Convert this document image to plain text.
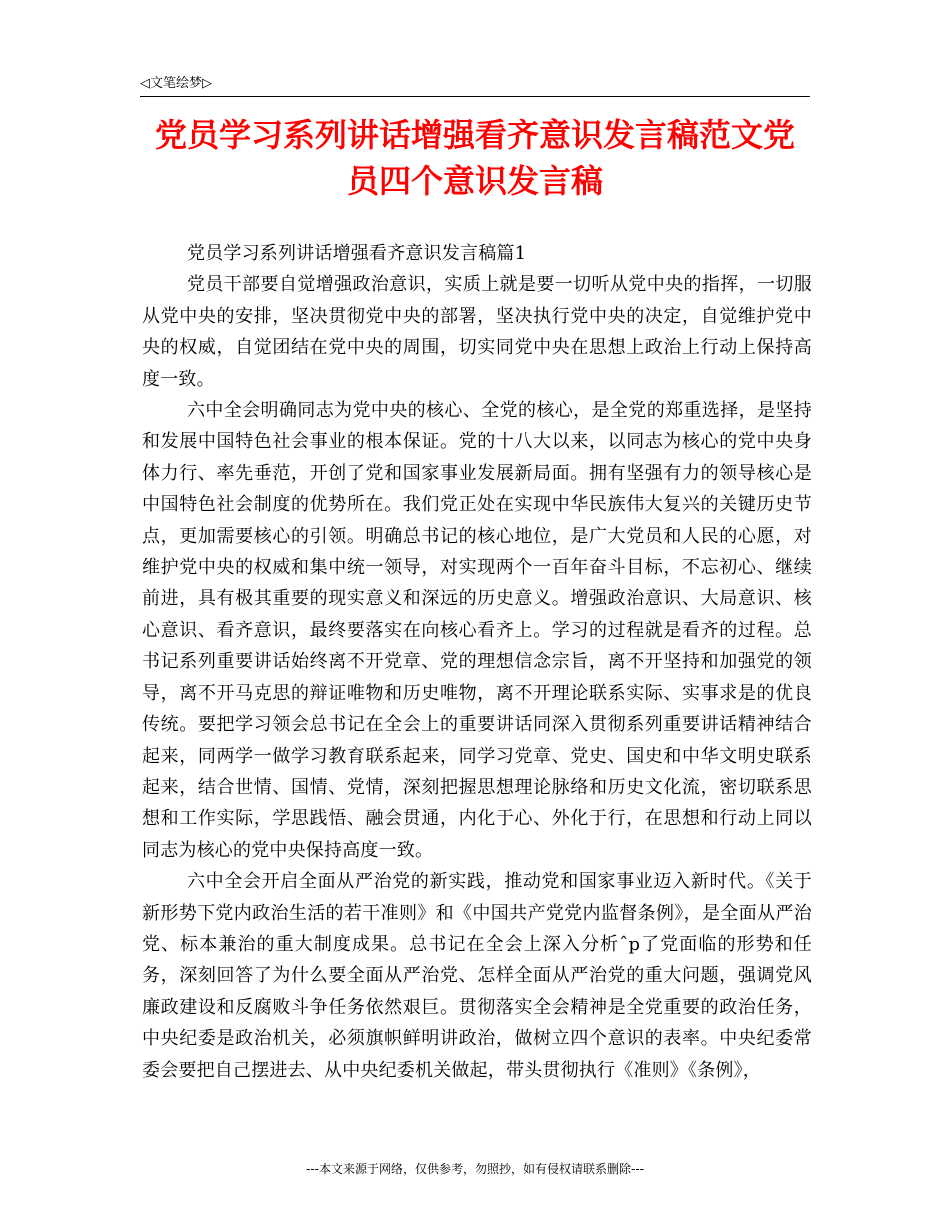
◁文笔绘梦▷
党员学习系列讲话增强看齐意识发言稿范文党
员四个意识发言稿

党员学习系列讲话增强看齐意识发言稿篇1

党员干部要自觉增强政治意识，实质上就是要一切听从党中央的指挥，一切服从党中央的安排，坚决贯彻党中央的部署，坚决执行党中央的决定，自觉维护党中央的权威，自觉团结在党中央的周围，切实同党中央在思想上政治上行动上保持高度一致。

六中全会明确同志为党中央的核心、全党的核心，是全党的郑重选择，是坚持和发展中国特色社会事业的根本保证。党的十八大以来，以同志为核心的党中央身体力行、率先垂范，开创了党和国家事业发展新局面。拥有坚强有力的领导核心是中国特色社会制度的优势所在。我们党正处在实现中华民族伟大复兴的关键历史节点，更加需要核心的引领。明确总书记的核心地位，是广大党员和人民的心愿，对维护党中央的权威和集中统一领导，对实现两个一百年奋斗目标，不忘初心、继续前进，具有极其重要的现实意义和深远的历史意义。增强政治意识、大局意识、核心意识、看齐意识，最终要落实在向核心看齐上。学习的过程就是看齐的过程。总书记系列重要讲话始终离不开党章、党的理想信念宗旨，离不开坚持和加强党的领导，离不开马克思的辩证唯物和历史唯物，离不开理论联系实际、实事求是的优良传统。要把学习领会总书记在全会上的重要讲话同深入贯彻系列重要讲话精神结合起来，同两学一做学习教育联系起来，同学习党章、党史、国史和中华文明史联系起来，结合世情、国情、党情，深刻把握思想理论脉络和历史文化流，密切联系思想和工作实际，学思践悟、融会贯通，内化于心、外化于行，在思想和行动上同以同志为核心的党中央保持高度一致。

六中全会开启全面从严治党的新实践，推动党和国家事业迈入新时代。《关于新形势下党内政治生活的若干准则》和《中国共产党党内监督条例》，是全面从严治党、标本兼治的重大制度成果。总书记在全会上深入分析ˆp了党面临的形势和任务，深刻回答了为什么要全面从严治党、怎样全面从严治党的重大问题，强调党风廉政建设和反腐败斗争任务依然艰巨。贯彻落实全会精神是全党重要的政治任务，中央纪委是政治机关，必须旗帜鲜明讲政治，做树立四个意识的表率。中央纪委常委会要把自己摆进去、从中央纪委机关做起，带头贯彻执行《准则》《条例》，

---本文来源于网络，仅供参考，勿照抄，如有侵权请联系删除---
